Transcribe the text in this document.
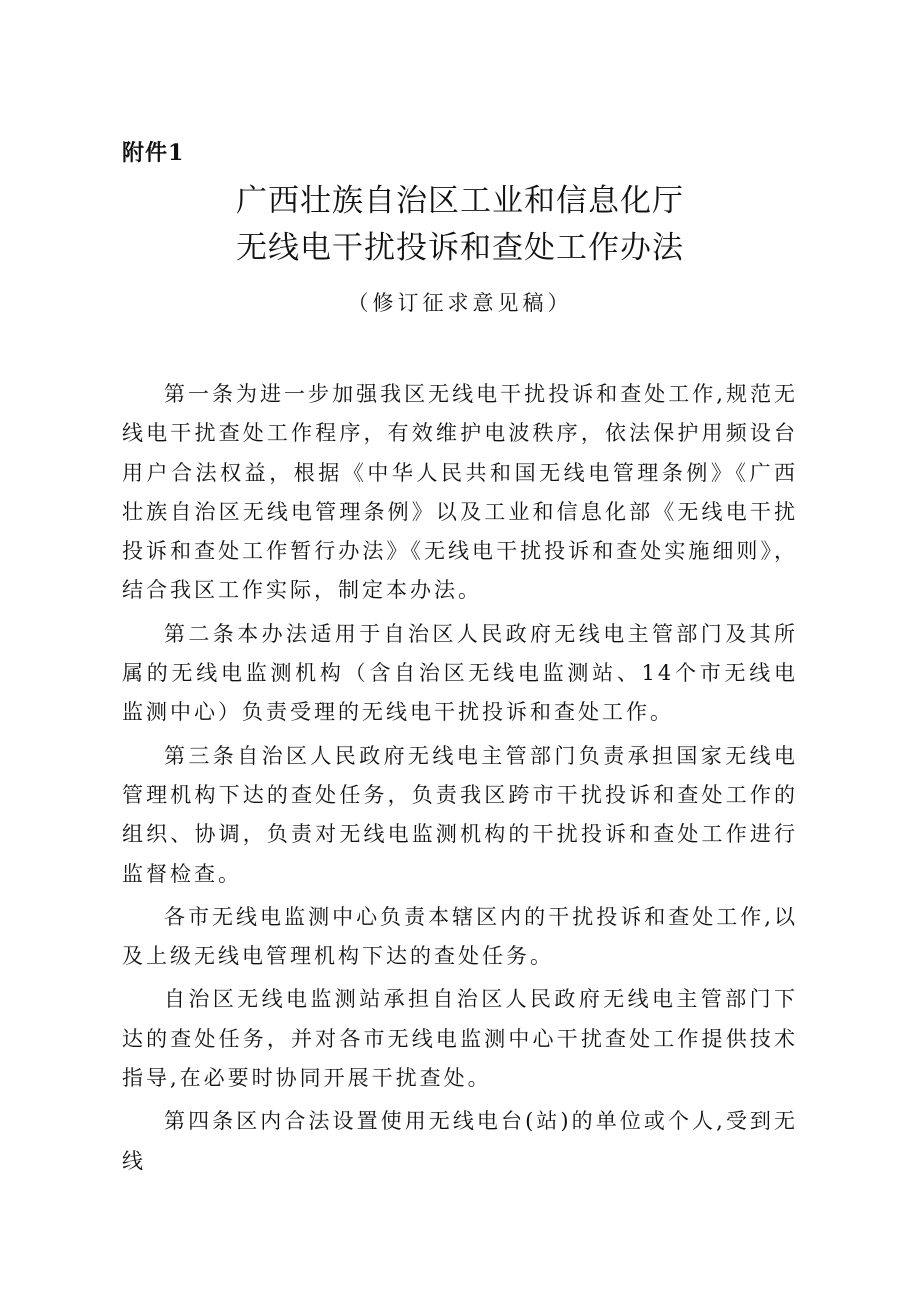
附件1
广西壮族自治区工业和信息化厅
无线电干扰投诉和查处工作办法
（修订征求意见稿）

第一条为进一步加强我区无线电干扰投诉和查处工作,规范无线电干扰查处工作程序，有效维护电波秩序，依法保护用频设台用户合法权益，根据《中华人民共和国无线电管理条例》《广西壮族自治区无线电管理条例》以及工业和信息化部《无线电干扰投诉和查处工作暂行办法》《无线电干扰投诉和查处实施细则》，结合我区工作实际，制定本办法。

第二条本办法适用于自治区人民政府无线电主管部门及其所属的无线电监测机构（含自治区无线电监测站、14个市无线电监测中心）负责受理的无线电干扰投诉和查处工作。

第三条自治区人民政府无线电主管部门负责承担国家无线电管理机构下达的查处任务，负责我区跨市干扰投诉和查处工作的组织、协调，负责对无线电监测机构的干扰投诉和查处工作进行监督检查。

各市无线电监测中心负责本辖区内的干扰投诉和查处工作,以及上级无线电管理机构下达的查处任务。

自治区无线电监测站承担自治区人民政府无线电主管部门下达的查处任务，并对各市无线电监测中心干扰查处工作提供技术指导,在必要时协同开展干扰查处。

第四条区内合法设置使用无线电台(站)的单位或个人,受到无线
